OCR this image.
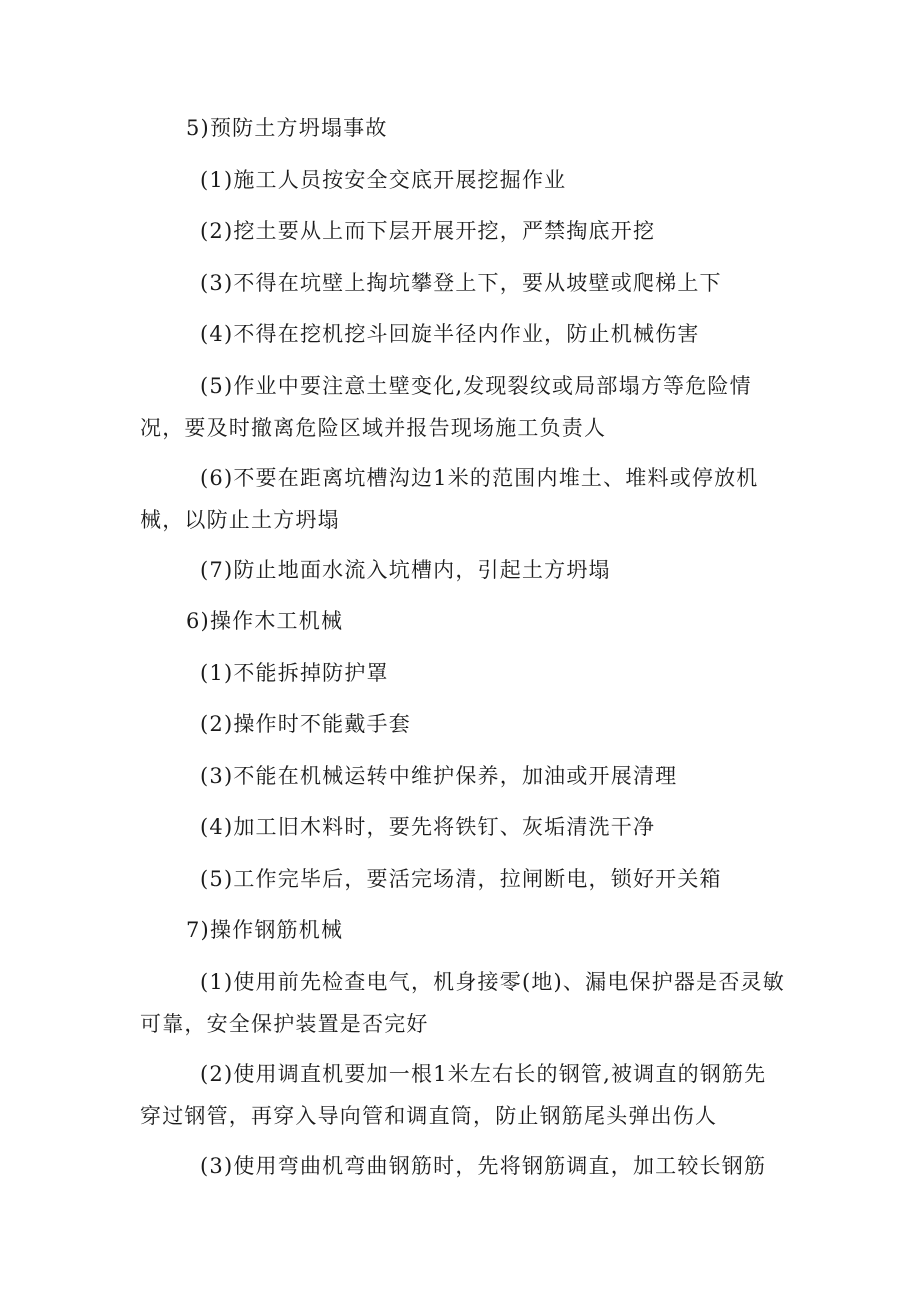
5)预防土方坍塌事故

(1)施工人员按安全交底开展挖掘作业

(2)挖土要从上而下层开展开挖，严禁掏底开挖

(3)不得在坑壁上掏坑攀登上下，要从坡壁或爬梯上下

(4)不得在挖机挖斗回旋半径内作业，防止机械伤害

(5)作业中要注意土壁变化,发现裂纹或局部塌方等危险情况，要及时撤离危险区域并报告现场施工负责人

(6)不要在距离坑槽沟边1米的范围内堆土、堆料或停放机械，以防止土方坍塌

(7)防止地面水流入坑槽内，引起土方坍塌

6)操作木工机械

(1)不能拆掉防护罩

(2)操作时不能戴手套

(3)不能在机械运转中维护保养，加油或开展清理

(4)加工旧木料时，要先将铁钉、灰垢清洗干净

(5)工作完毕后，要活完场清，拉闸断电，锁好开关箱

7)操作钢筋机械

(1)使用前先检查电气，机身接零(地)、漏电保护器是否灵敏可靠，安全保护装置是否完好

(2)使用调直机要加一根1米左右长的钢管,被调直的钢筋先穿过钢管，再穿入导向管和调直筒，防止钢筋尾头弹出伤人

(3)使用弯曲机弯曲钢筋时，先将钢筋调直，加工较长钢筋
